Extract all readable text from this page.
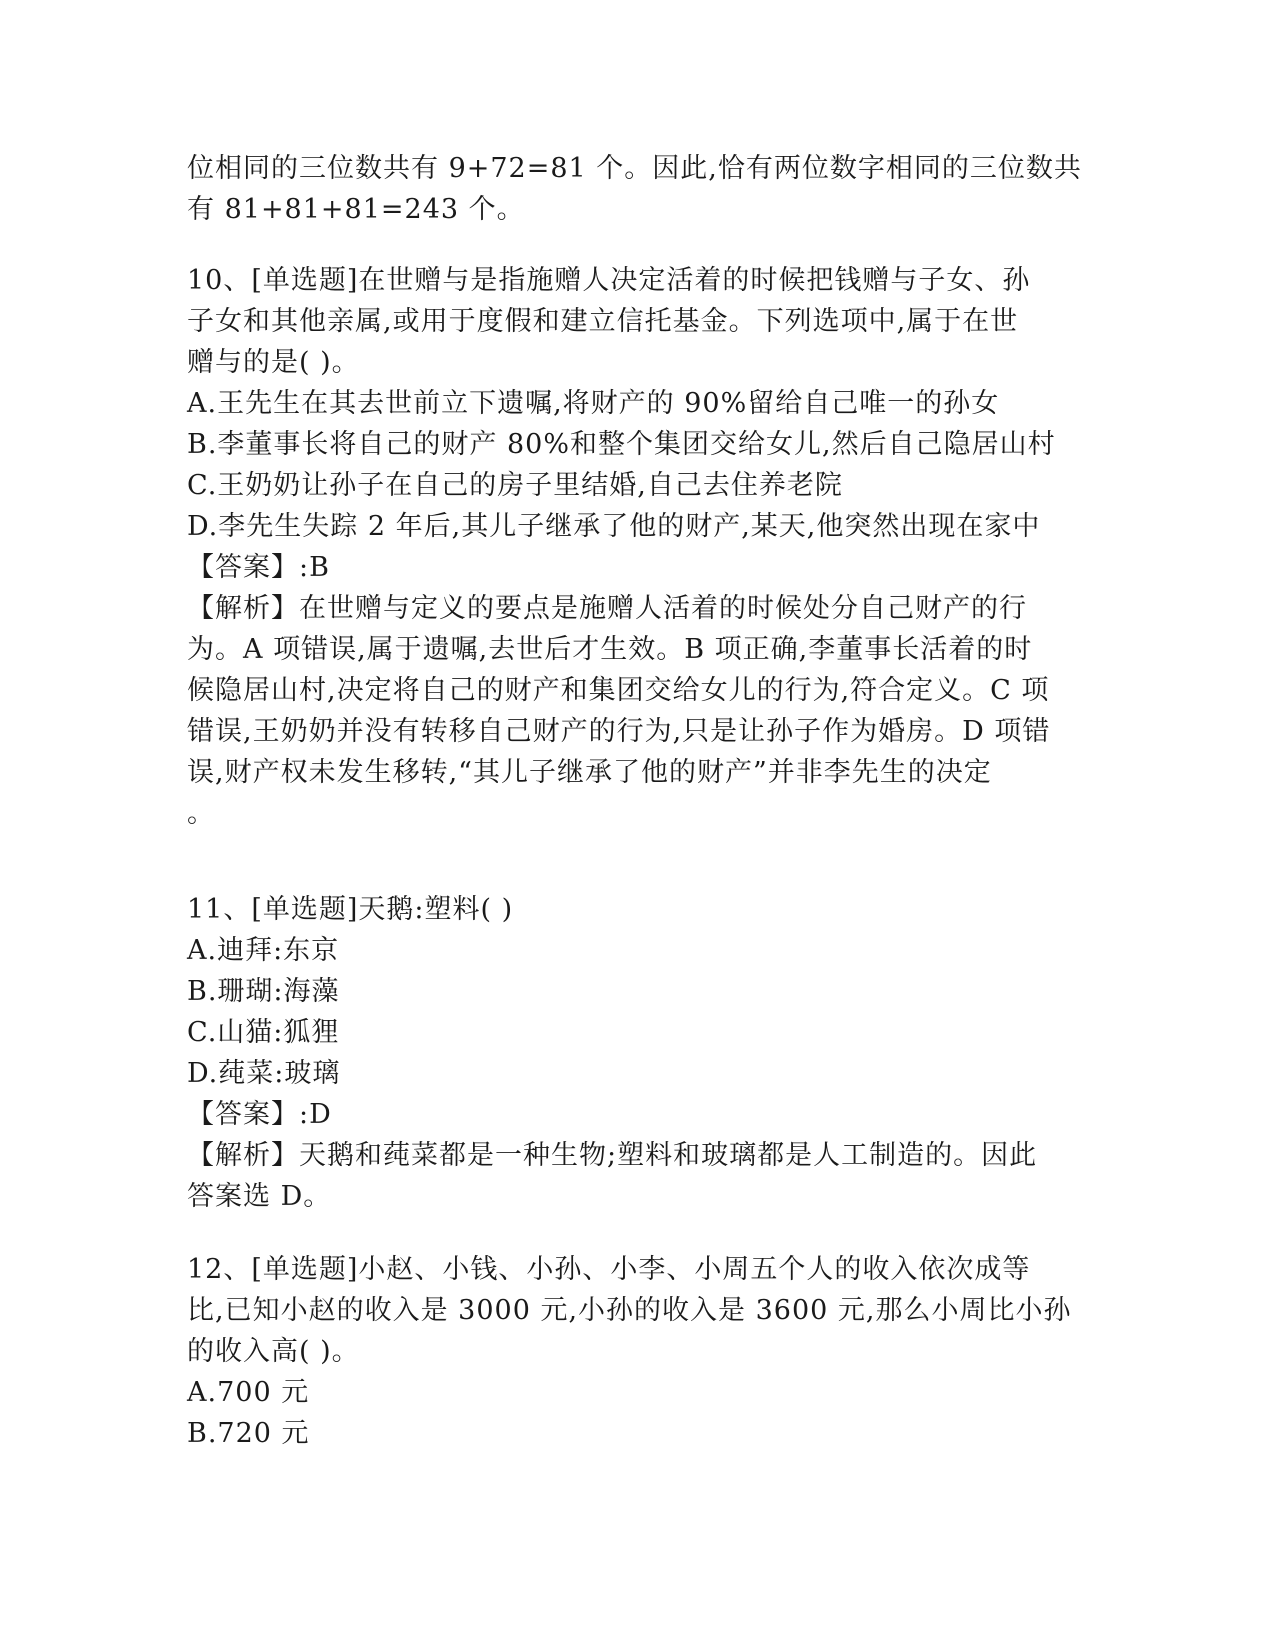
位相同的三位数共有 9+72=81 个。因此,恰有两位数字相同的三位数共
有 81+81+81=243 个。
10、[单选题]在世赠与是指施赠人决定活着的时候把钱赠与子女、孙
子女和其他亲属,或用于度假和建立信托基金。下列选项中,属于在世
赠与的是( )。
A.王先生在其去世前立下遗嘱,将财产的 90%留给自己唯一的孙女
B.李董事长将自己的财产 80%和整个集团交给女儿,然后自己隐居山村
C.王奶奶让孙子在自己的房子里结婚,自己去住养老院
D.李先生失踪 2 年后,其儿子继承了他的财产,某天,他突然出现在家中
【答案】:B
【解析】在世赠与定义的要点是施赠人活着的时候处分自己财产的行
为。A 项错误,属于遗嘱,去世后才生效。B 项正确,李董事长活着的时
候隐居山村,决定将自己的财产和集团交给女儿的行为,符合定义。C 项
错误,王奶奶并没有转移自己财产的行为,只是让孙子作为婚房。D 项错
误,财产权未发生移转,“其儿子继承了他的财产”并非李先生的决定
。
11、[单选题]天鹅:塑料( )
A.迪拜:东京
B.珊瑚:海藻
C.山猫:狐狸
D.莼菜:玻璃
【答案】:D
【解析】天鹅和莼菜都是一种生物;塑料和玻璃都是人工制造的。因此
答案选 D。
12、[单选题]小赵、小钱、小孙、小李、小周五个人的收入依次成等
比,已知小赵的收入是 3000 元,小孙的收入是 3600 元,那么小周比小孙
的收入高( )。
A.700 元
B.720 元
